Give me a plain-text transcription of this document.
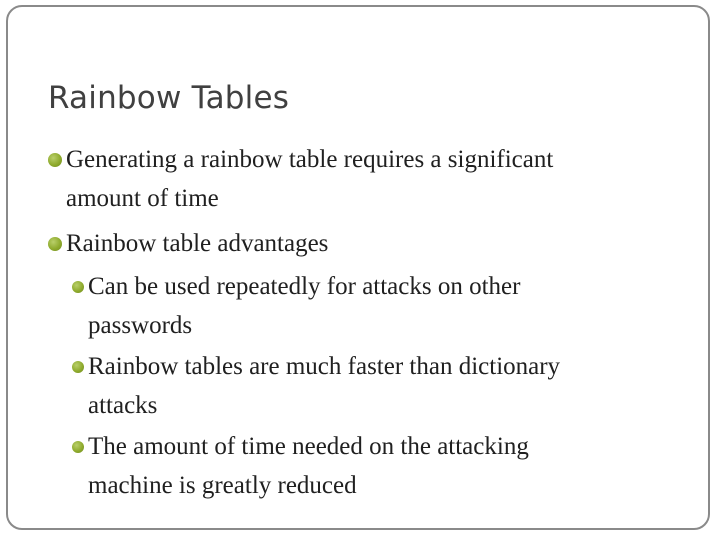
Rainbow Tables
Generating a rainbow table requires a significant
amount of time
Rainbow table advantages
Can be used repeatedly for attacks on other
passwords
Rainbow tables are much faster than dictionary
attacks
The amount of time needed on the attacking
machine is greatly reduced
